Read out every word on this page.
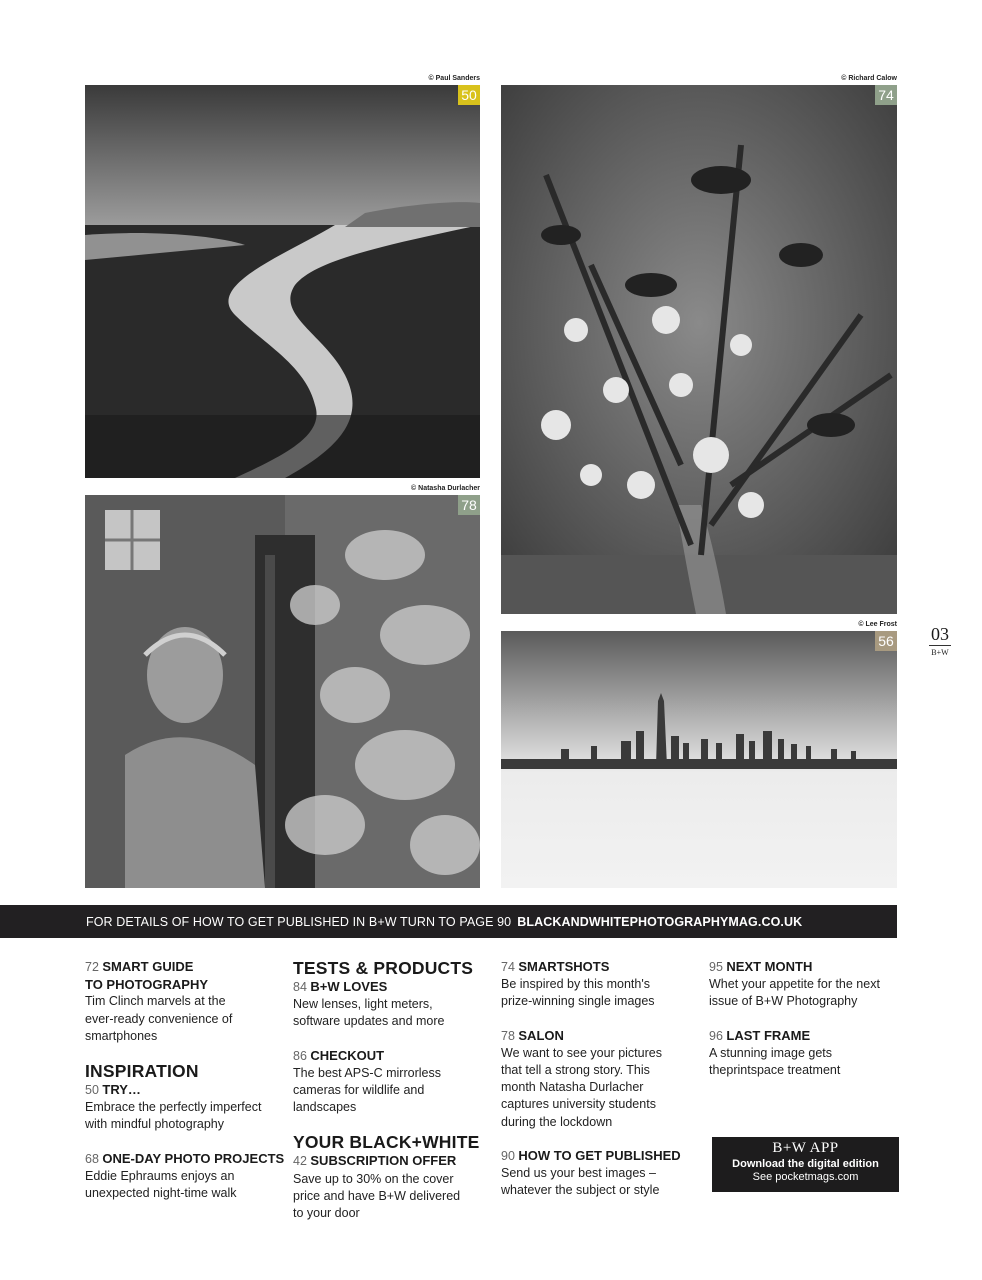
© Paul Sanders
50
© Richard Calow
74
© Natasha Durlacher
78
© Lee Frost
56	03
B+W
FOR DETAILS OF HOW TO GET PUBLISHED IN B+W TURN TO PAGE 90 BLACKANDWHITEPHOTOGRAPHYMAG.CO.UK
72 SMART GUIDE
TO PHOTOGRAPHY
Tim Clinch marvels at the ever-ready convenience of smartphones
INSPIRATION
50 TRY…
Embrace the perfectly imperfect with mindful photography
68 ONE-DAY PHOTO PROJECTS
Eddie Ephraums enjoys an unexpected night-time walk
TESTS & PRODUCTS
84 B+W LOVES
New lenses, light meters, software updates and more
86 CHECKOUT
The best APS-C mirrorless cameras for wildlife and landscapes
YOUR BLACK+WHITE
42 SUBSCRIPTION OFFER
Save up to 30% on the cover price and have B+W delivered to your door
74 SMARTSHOTS
Be inspired by this month's prize-winning single images
78 SALON
We want to see your pictures that tell a strong story. This month Natasha Durlacher captures university students during the lockdown
90 HOW TO GET PUBLISHED
Send us your best images – whatever the subject or style
95 NEXT MONTH
Whet your appetite for the next issue of B+W Photography
96 LAST FRAME
A stunning image gets theprintspace treatment
B+W APP
Download the digital edition
See pocketmags.com
